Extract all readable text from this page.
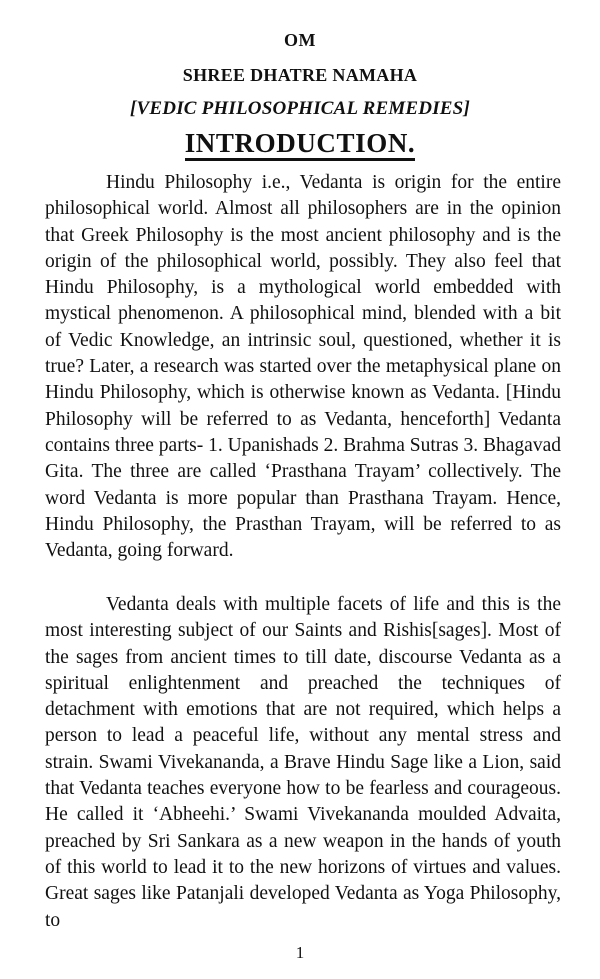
OM

SHREE DHATRE NAMAHA

[VEDIC PHILOSOPHICAL REMEDIES]

INTRODUCTION.

Hindu Philosophy i.e., Vedanta is origin for the entire philosophical world. Almost all philosophers are in the opinion that Greek Philosophy is the most ancient philosophy and is the origin of the philosophical world, possibly. They also feel that Hindu Philosophy, is a mythological world embedded with mystical phenomenon. A philosophical mind, blended with a bit of Vedic Knowledge, an intrinsic soul, questioned, whether it is true? Later, a research was started over the metaphysical plane on Hindu Philosophy, which is otherwise known as Vedanta. [Hindu Philosophy will be referred to as Vedanta, henceforth] Vedanta contains three parts- 1. Upanishads 2. Brahma Sutras 3. Bhagavad Gita. The three are called ‘Prasthana Trayam’ collectively. The word Vedanta is more popular than Prasthana Trayam. Hence, Hindu Philosophy, the Prasthan Trayam, will be referred to as Vedanta, going forward.

Vedanta deals with multiple facets of life and this is the most interesting subject of our Saints and Rishis[sages]. Most of the sages from ancient times to till date, discourse Vedanta as a spiritual enlightenment and preached the techniques of detachment with emotions that are not required, which helps a person to lead a peaceful life, without any mental stress and strain. Swami Vivekananda, a Brave Hindu Sage like a Lion, said that Vedanta teaches everyone how to be fearless and courageous. He called it ‘Abheehi.’ Swami Vivekananda moulded Advaita, preached by Sri Sankara as a new weapon in the hands of youth of this world to lead it to the new horizons of virtues and values. Great sages like Patanjali developed Vedanta as Yoga Philosophy, to

1
